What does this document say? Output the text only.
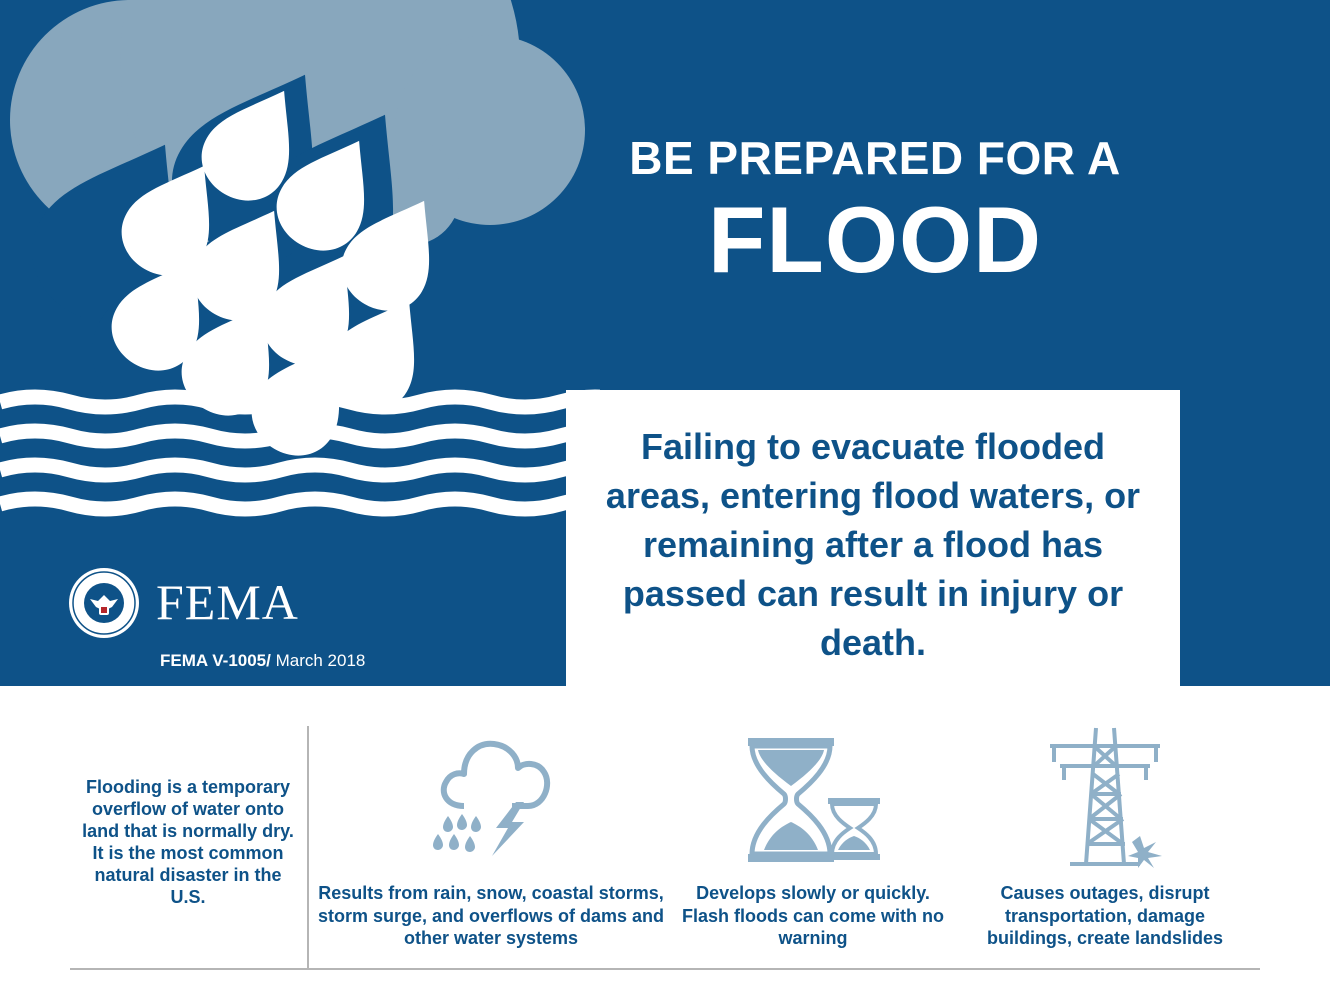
BE PREPARED FOR A
FLOOD

Failing to evacuate flooded areas, entering flood waters, or remaining after a flood has passed can result in injury or death.

FEMA
FEMA V-1005/ March 2018

Flooding is a temporary overflow of water onto land that is normally dry. It is the most common natural disaster in the U.S.	Results from rain, snow, coastal storms, storm surge, and overflows of dams and other water systems

Develops slowly or quickly. Flash floods can come with no warning

Causes outages, disrupt transportation, damage buildings, create landslides
